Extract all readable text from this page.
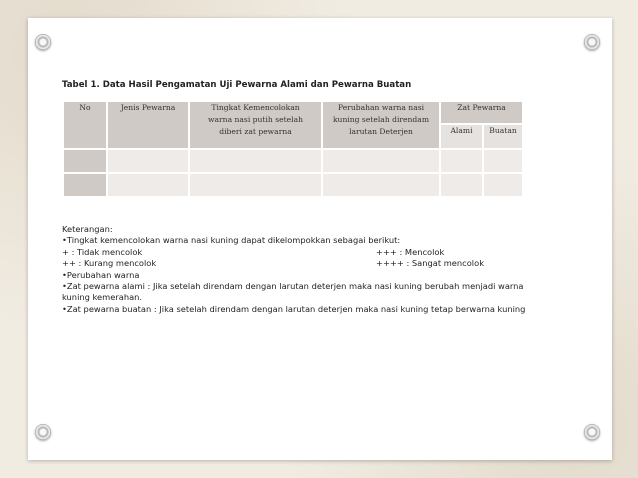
Tabel 1. Data Hasil Pengamatan Uji Pewarna Alami dan Pewarna Buatan
No	Jenis Pewarna	Tingkat Kemencolokan warna nasi putih setelah diberi zat pewarna	Perubahan warna nasi kuning setelah direndam larutan Deterjen	Zat Pewarna	
				Alami	Buatan

Keterangan:
•Tingkat kemencolokan warna nasi kuning dapat dikelompokkan sebagai berikut:
+ : Tidak mencolok	+++ : Mencolok
++ : Kurang mencolok	++++ : Sangat mencolok
•Perubahan warna
•Zat pewarna alami : Jika setelah direndam dengan larutan deterjen maka nasi kuning berubah menjadi warna kuning kemerahan.
•Zat pewarna buatan : Jika setelah direndam dengan larutan deterjen maka nasi kuning tetap berwarna kuning
